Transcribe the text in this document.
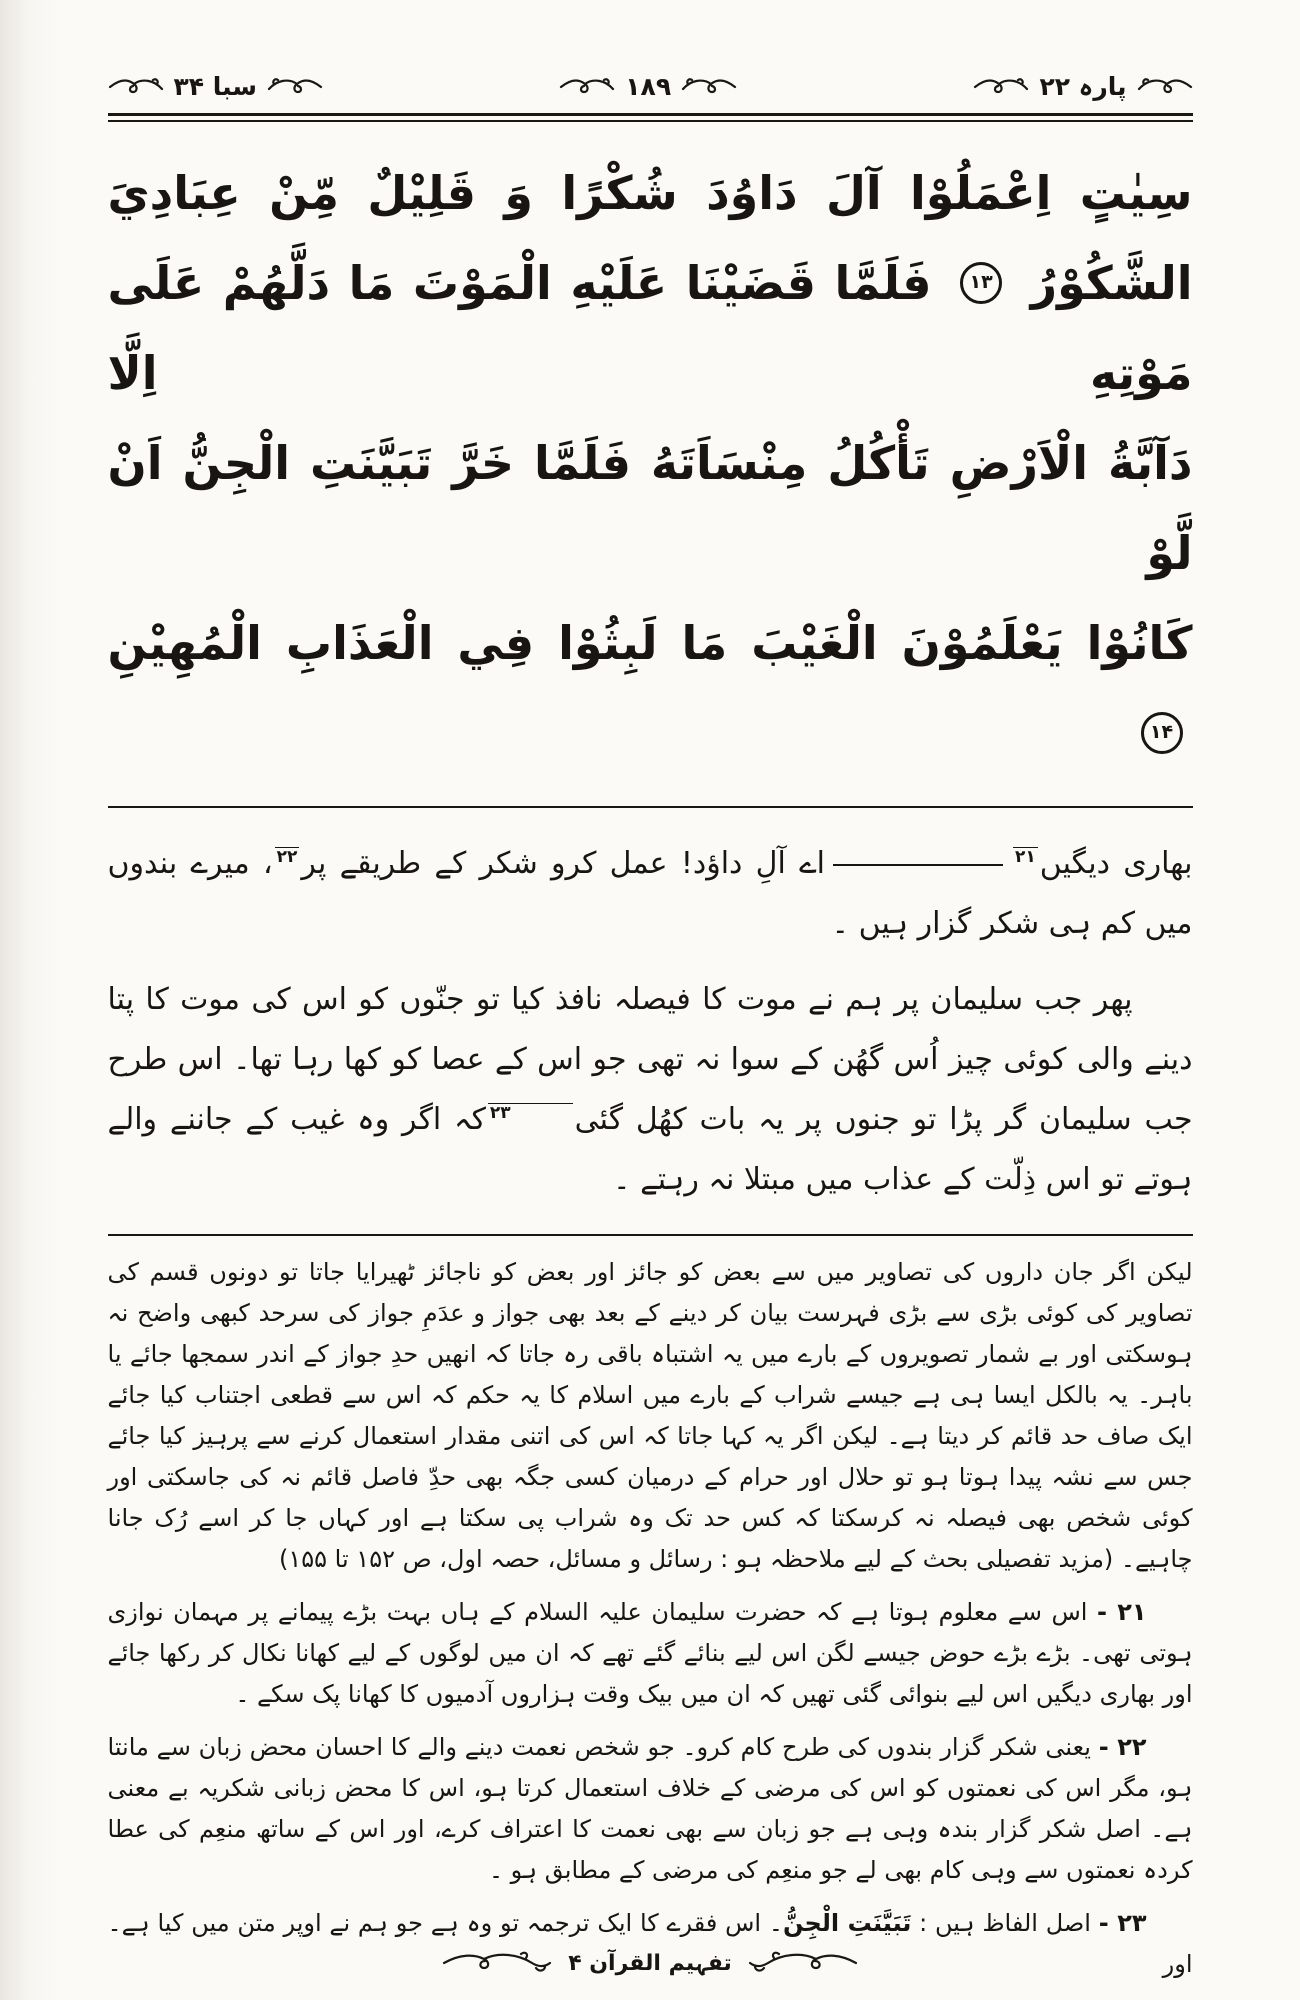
پارہ ۲۲
۱۸۹
سبا ۳۴
سِيٰتٍ اِعْمَلُوْا آلَ دَاوُدَ شُكْرًا وَ قَلِيْلٌ مِّنْ عِبَادِيَ
الشَّكُوْرُ ۱۳ فَلَمَّا قَضَيْنَا عَلَيْهِ الْمَوْتَ مَا دَلَّهُمْ عَلَى مَوْتِهِ اِلَّا
دَآبَّةُ الْاَرْضِ تَأْكُلُ مِنْسَاَتَهُ فَلَمَّا خَرَّ تَبَيَّنَتِ الْجِنُّ اَنْ لَّوْ
كَانُوْا يَعْلَمُوْنَ الْغَيْبَ مَا لَبِثُوْا فِي الْعَذَابِ الْمُهِيْنِ ۱۴

بھاری دیگیں۲۱اے آلِ داؤد! عمل کرو شکر کے طریقے پر۲۲، میرے بندوں میں کم ہی شکر گزار ہیں ۔

پھر جب سلیمان پر ہم نے موت کا فیصلہ نافذ کیا تو جنّوں کو اس کی موت کا پتا دینے والی کوئی چیز اُس گھُن کے سوا نہ تھی جو اس کے عصا کو کھا رہا تھا۔ اس طرح جب سلیمان گر پڑا تو جنوں پر یہ بات کھُل گئی۲۳کہ اگر وہ غیب کے جاننے والے ہوتے تو اس ذِلّت کے عذاب میں مبتلا نہ رہتے ۔

لیکن اگر جان داروں کی تصاویر میں سے بعض کو جائز اور بعض کو ناجائز ٹھیرایا جاتا تو دونوں قسم کی تصاویر کی کوئی بڑی سے بڑی فہرست بیان کر دینے کے بعد بھی جواز و عدَمِ جواز کی سرحد کبھی واضح نہ ہوسکتی اور بے شمار تصویروں کے بارے میں یہ اشتباہ باقی رہ جاتا کہ انھیں حدِ جواز کے اندر سمجھا جائے یا باہر۔ یہ بالکل ایسا ہی ہے جیسے شراب کے بارے میں اسلام کا یہ حکم کہ اس سے قطعی اجتناب کیا جائے ایک صاف حد قائم کر دیتا ہے۔ لیکن اگر یہ کہا جاتا کہ اس کی اتنی مقدار استعمال کرنے سے پرہیز کیا جائے جس سے نشہ پیدا ہوتا ہو تو حلال اور حرام کے درمیان کسی جگہ بھی حدِّ فاصل قائم نہ کی جاسکتی اور کوئی شخص بھی فیصلہ نہ کرسکتا کہ کس حد تک وہ شراب پی سکتا ہے اور کہاں جا کر اسے رُک جانا چاہیے۔ (مزید تفصیلی بحث کے لیے ملاحظہ ہو : رسائل و مسائل، حصہ اول، ص ۱۵۲ تا ۱۵۵)

۲۱ - اس سے معلوم ہوتا ہے کہ حضرت سلیمان علیہ السلام کے ہاں بہت بڑے پیمانے پر مہمان نوازی ہوتی تھی۔ بڑے بڑے حوض جیسے لگن اس لیے بنائے گئے تھے کہ ان میں لوگوں کے لیے کھانا نکال کر رکھا جائے اور بھاری دیگیں اس لیے بنوائی گئی تھیں کہ ان میں بیک وقت ہزاروں آدمیوں کا کھانا پک سکے ۔

۲۲ - یعنی شکر گزار بندوں کی طرح کام کرو۔ جو شخص نعمت دینے والے کا احسان محض زبان سے مانتا ہو، مگر اس کی نعمتوں کو اس کی مرضی کے خلاف استعمال کرتا ہو، اس کا محض زبانی شکریہ بے معنی ہے۔ اصل شکر گزار بندہ وہی ہے جو زبان سے بھی نعمت کا اعتراف کرے، اور اس کے ساتھ منعِم کی عطا کردہ نعمتوں سے وہی کام بھی لے جو منعِم کی مرضی کے مطابق ہو ۔

۲۳ - اصل الفاظ ہیں : تَبَيَّنَتِ الْجِنُّ۔ اس فقرے کا ایک ترجمہ تو وہ ہے جو ہم نے اوپر متن میں کیا ہے۔ اور

تفہیم القرآن ۴
